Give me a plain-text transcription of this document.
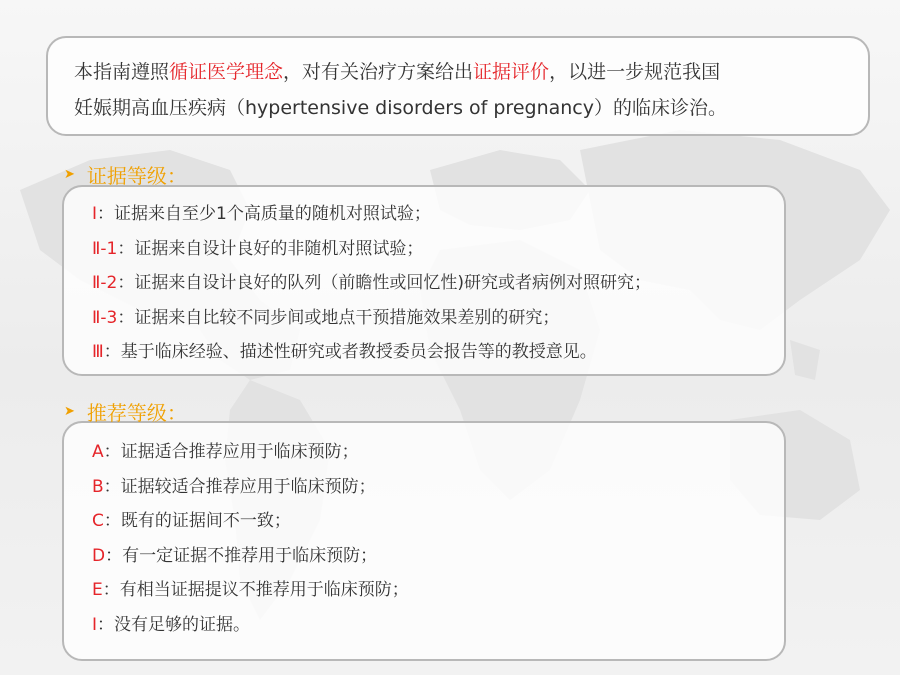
本指南遵照循证医学理念，对有关治疗方案给出证据评价，以进一步规范我国
妊娠期高血压疾病（hypertensive disorders of pregnancy）的临床诊治。
➤ 证据等级：
Ⅰ：证据来自至少1个高质量的随机对照试验；
Ⅱ-1：证据来自设计良好的非随机对照试验；
Ⅱ-2：证据来自设计良好的队列（前瞻性或回忆性)研究或者病例对照研究；
Ⅱ-3：证据来自比较不同步间或地点干预措施效果差别的研究；
Ⅲ：基于临床经验、描述性研究或者教授委员会报告等的教授意见。
➤ 推荐等级：
A：证据适合推荐应用于临床预防；
B：证据较适合推荐应用于临床预防；
C：既有的证据间不一致；
D：有一定证据不推荐用于临床预防；
E：有相当证据提议不推荐用于临床预防；
Ⅰ：没有足够的证据。
